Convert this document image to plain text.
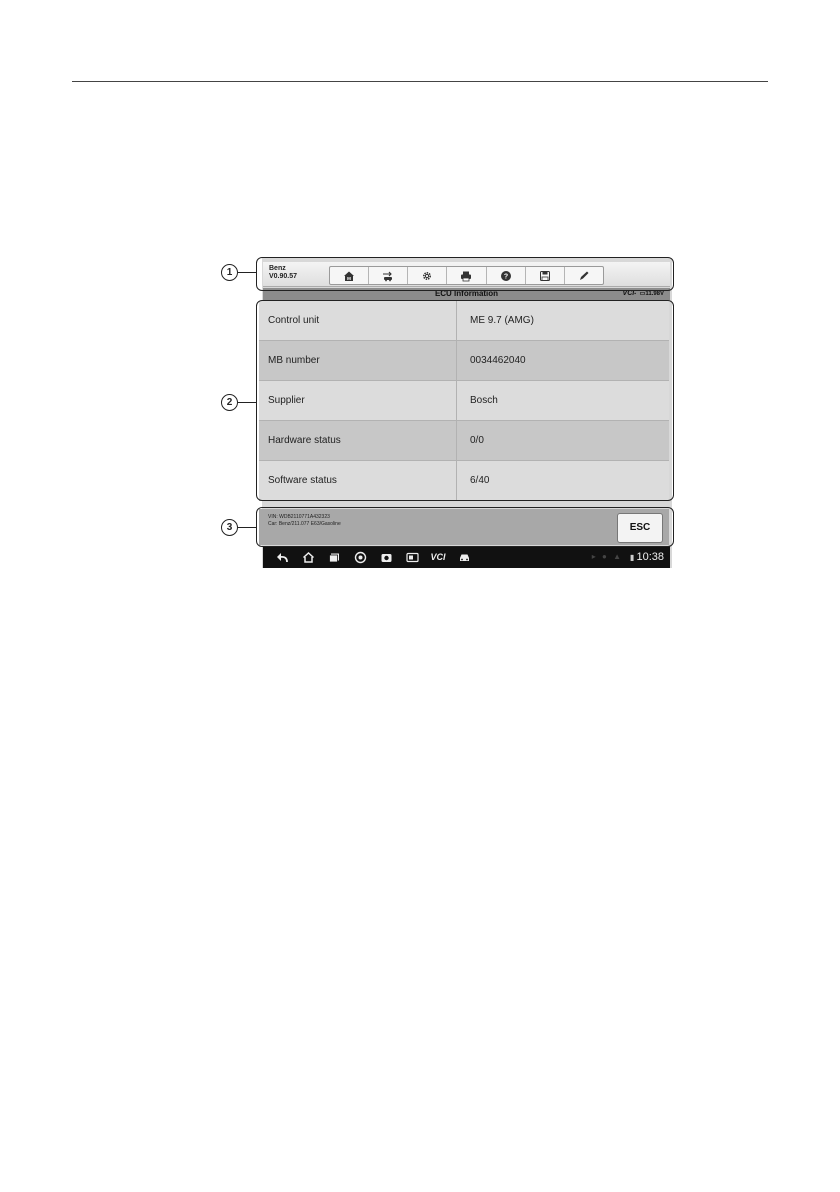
1
2
3
Benz
V0.90.57	M	?
ECU Information	VCI▪ ▭11.98V
Control unit	ME 9.7 (AMG)
MB number	0034462040
Supplier	Bosch
Hardware status	0/0
Software status	6/40
VIN: WDB2110771A432323
Car: Benz/211.077 E63/Gasoline	ESC
VCI	▸ ● ▲ ▮ 10:38
